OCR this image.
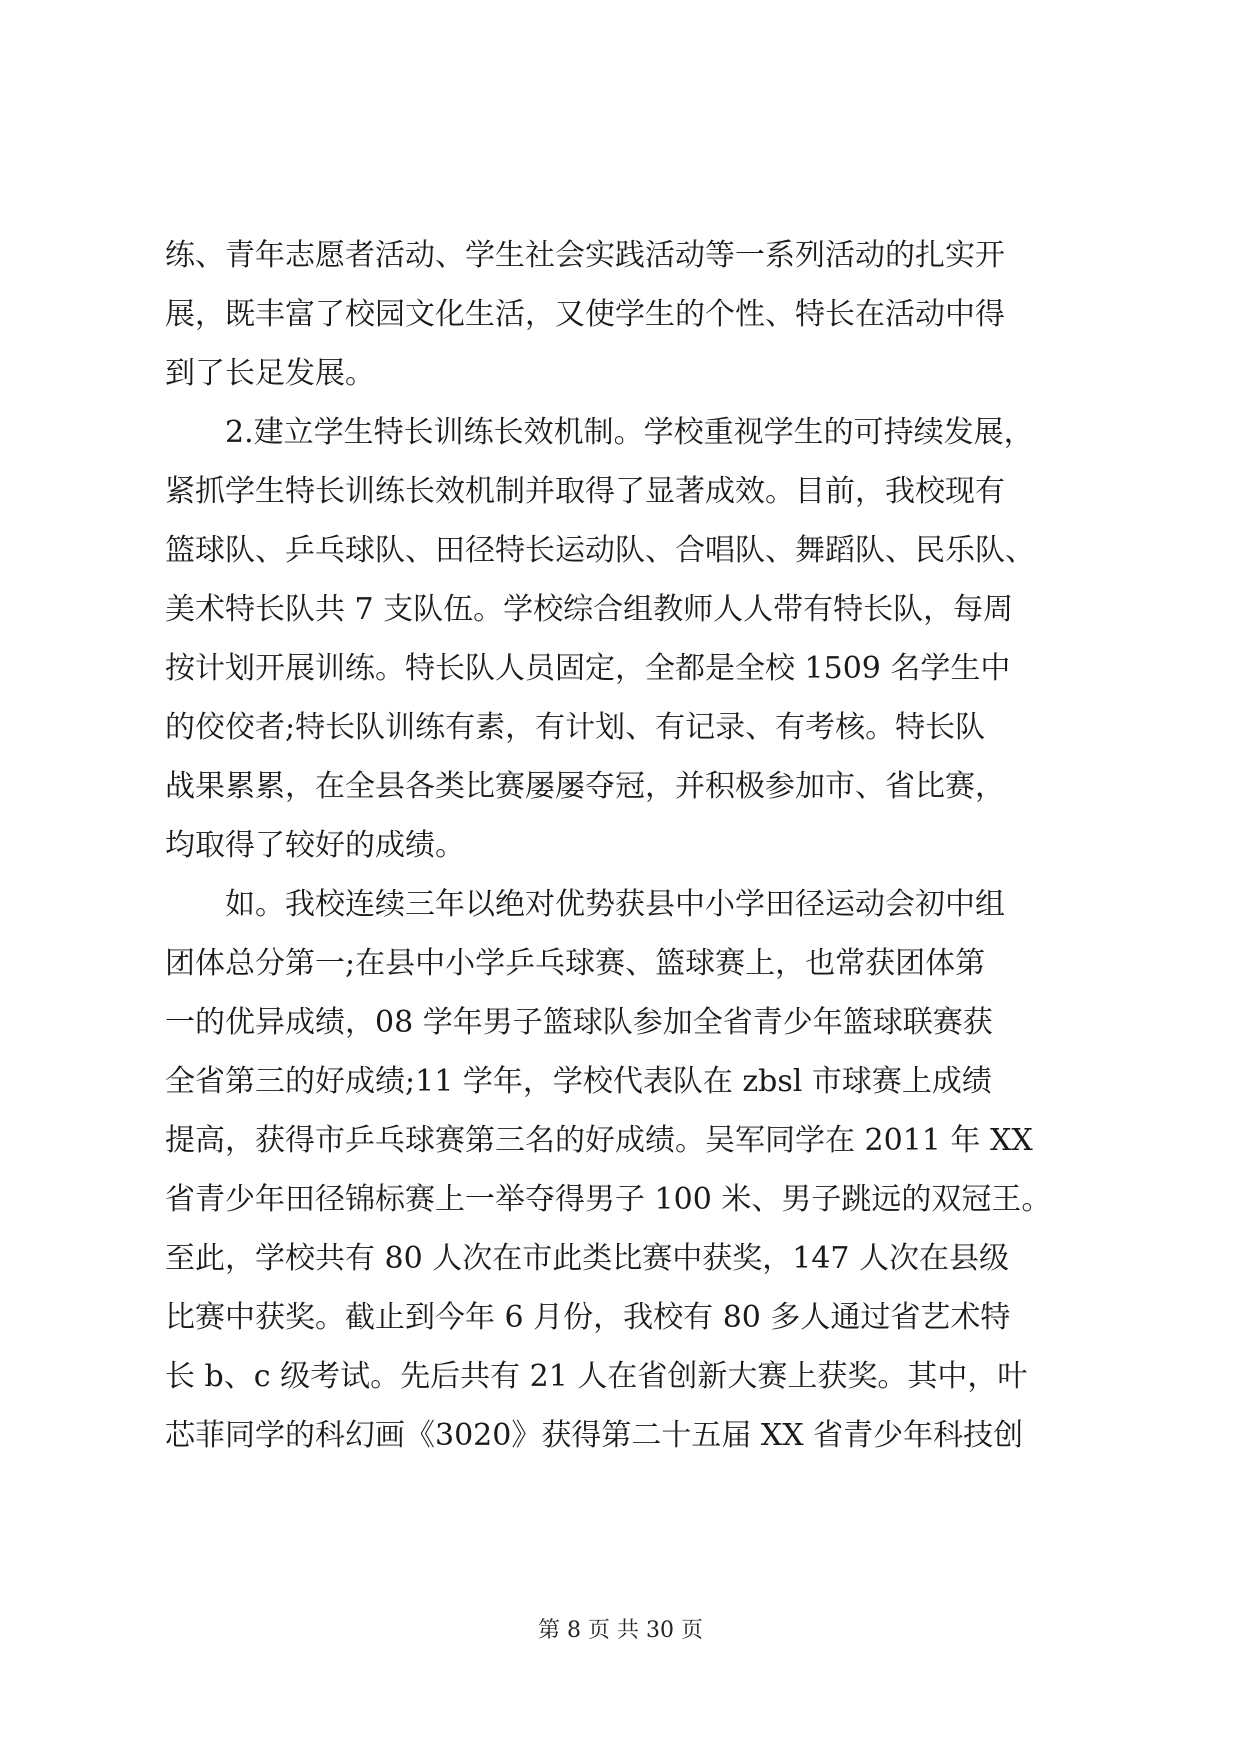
练、青年志愿者活动、学生社会实践活动等一系列活动的扎实开
展，既丰富了校园文化生活，又使学生的个性、特长在活动中得
到了长足发展。
　　2.建立学生特长训练长效机制。学校重视学生的可持续发展，
紧抓学生特长训练长效机制并取得了显著成效。目前，我校现有
篮球队、乒乓球队、田径特长运动队、合唱队、舞蹈队、民乐队、
美术特长队共 7 支队伍。学校综合组教师人人带有特长队，每周
按计划开展训练。特长队人员固定，全都是全校 1509 名学生中
的佼佼者;特长队训练有素，有计划、有记录、有考核。特长队
战果累累，在全县各类比赛屡屡夺冠，并积极参加市、省比赛，
均取得了较好的成绩。
　　如。我校连续三年以绝对优势获县中小学田径运动会初中组
团体总分第一;在县中小学乒乓球赛、篮球赛上，也常获团体第
一的优异成绩，08 学年男子篮球队参加全省青少年篮球联赛获
全省第三的好成绩;11 学年，学校代表队在 zbsl 市球赛上成绩
提高，获得市乒乓球赛第三名的好成绩。吴军同学在 2011 年 XX
省青少年田径锦标赛上一举夺得男子 100 米、男子跳远的双冠王。
至此，学校共有 80 人次在市此类比赛中获奖，147 人次在县级
比赛中获奖。截止到今年 6 月份，我校有 80 多人通过省艺术特
长 b、c 级考试。先后共有 21 人在省创新大赛上获奖。其中，叶
芯菲同学的科幻画《3020》获得第二十五届 XX 省青少年科技创
第 8 页 共 30 页
